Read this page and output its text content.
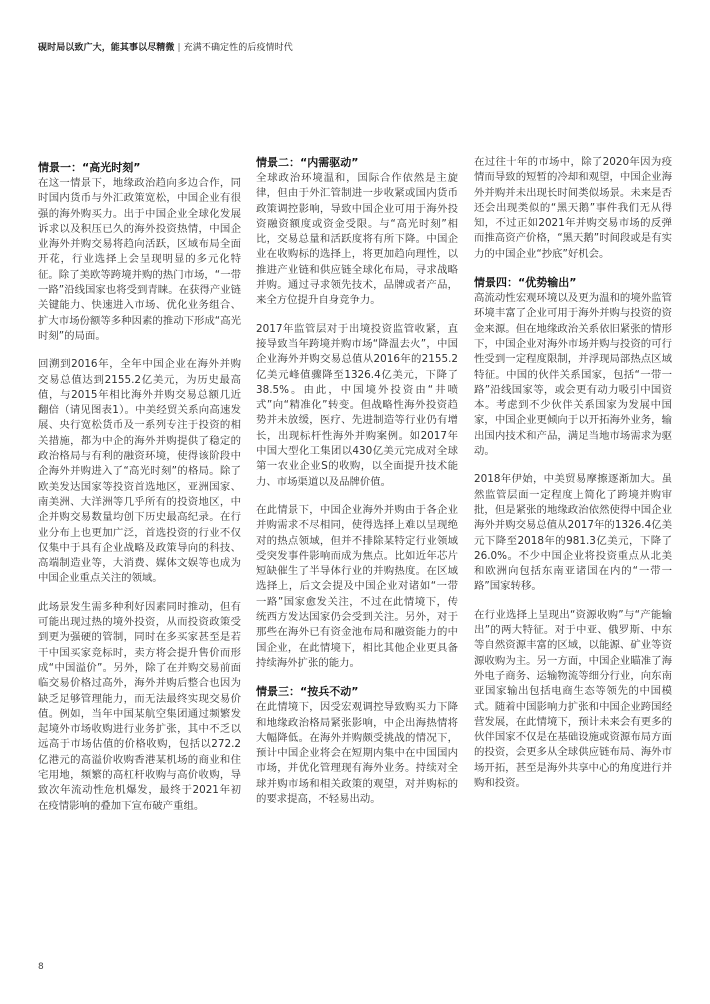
砚时局以致广大，能其事以尽精微 | 充满不确定性的后疫情时代
情景一：“高光时刻”

在这一情景下，地缘政治趋向多边合作，同时国内货币与外汇政策宽松，中国企业有很强的海外购买力。出于中国企业全球化发展诉求以及积压已久的海外投资热情，中国企业海外并购交易将趋向活跃，区域布局全面开花，行业选择上会呈现明显的多元化特征。除了美欧等跨境并购的热门市场，“一带一路”沿线国家也将受到青睐。在获得产业链关键能力、快速进入市场、优化业务组合、扩大市场份额等多种因素的推动下形成“高光时刻”的局面。

回溯到2016年，全年中国企业在海外并购交易总值达到2155.2亿美元，为历史最高值，与2015年相比海外并购交易总额几近翻倍（请见图表1）。中美经贸关系向高速发展、央行宽松货币及一系列专注于投资的相关措施，都为中企的海外并购提供了稳定的政治格局与有利的融资环境，使得该阶段中企海外并购进入了“高光时刻”的格局。除了欧美发达国家等投资首选地区，亚洲国家、南美洲、大洋洲等几乎所有的投资地区，中企并购交易数量均创下历史最高纪录。在行业分布上也更加广泛，首选投资的行业不仅仅集中于具有企业战略及政策导向的科技、高端制造业等，大消费、媒体文娱等也成为中国企业重点关注的领域。

此场景发生需多种利好因素同时推动，但有可能出现过热的境外投资，从而投资政策受到更为强硬的管制，同时在多买家甚至是若干中国买家竞标时，卖方将会提升售价而形成“中国溢价”。另外，除了在并购交易前面临交易价格过高外，海外并购后整合也因为缺乏足够管理能力，而无法最终实现交易价值。例如，当年中国某航空集团通过频繁发起境外市场收购进行业务扩张，其中不乏以远高于市场估值的价格收购，包括以272.2亿港元的高溢价收购香港某机场的商业和住宅用地，频繁的高杠杆收购与高价收购，导致次年流动性危机爆发，最终于2021年初在疫情影响的叠加下宣布破产重组。

情景二：“内需驱动”

全球政治环境温和，国际合作依然是主旋律，但由于外汇管制进一步收紧或国内货币政策调控影响，导致中国企业可用于海外投资融资额度或资金受限。与“高光时刻”相比，交易总量和活跃度将有所下降。中国企业在收购标的选择上，将更加趋向理性，以推进产业链和供应链全球化布局，寻求战略并购。通过寻求领先技术，品牌或者产品，来全方位提升自身竞争力。

2017年监管层对于出境投资监管收紧，直接导致当年跨境并购市场“降温去火”，中国企业海外并购交易总值从2016年的2155.2亿美元峰值骤降至1326.4亿美元，下降了38.5%。由此，中国境外投资由“井喷式”向“精准化”转变。但战略性海外投资趋势并未放缓，医疗、先进制造等行业仍有增长，出现标杆性海外并购案例。如2017年中国大型化工集团以430亿美元完成对全球第一农业企业S的收购，以全面提升技术能力、市场渠道以及品牌价值。

在此情景下，中国企业海外并购由于各企业并购需求不尽相同，使得选择上难以呈现绝对的热点领域，但并不排除某特定行业领域受突发事件影响而成为焦点。比如近年芯片短缺催生了半导体行业的并购热度。在区域选择上，后文会提及中国企业对诸如“一带一路”国家愈发关注，不过在此情境下，传统西方发达国家仍会受到关注。另外，对于那些在海外已有资金池布局和融资能力的中国企业，在此情境下，相比其他企业更具备持续海外扩张的能力。

情景三：“按兵不动”

在此情境下，因受宏观调控导致购买力下降和地缘政治格局紧张影响，中企出海热情将大幅降低。在海外并购颇受挑战的情况下，预计中国企业将会在短期内集中在中国国内市场，并优化管理现有海外业务。持续对全球并购市场和相关政策的观望，对并购标的的要求提高，不轻易出动。

在过往十年的市场中，除了2020年因为疫情而导致的短暂的冷却和观望，中国企业海外并购并未出现长时间类似场景。未来是否还会出现类似的“黑天鹅”事件我们无从得知，不过正如2021年并购交易市场的反弹而推高资产价格，“黑天鹅”时间段或是有实力的中国企业“抄底”好机会。

情景四：“优势输出”

高流动性宏观环境以及更为温和的境外监管环境丰富了企业可用于海外并购与投资的资金来源。但在地缘政治关系依旧紧张的情形下，中国企业对海外市场并购与投资的可行性受到一定程度限制，并浮现局部热点区域特征。中国的伙伴关系国家，包括“一带一路”沿线国家等，或会更有动力吸引中国资本。考虑到不少伙伴关系国家为发展中国家，中国企业更倾向于以开拓海外业务，输出国内技术和产品，满足当地市场需求为驱动。

2018年伊始，中美贸易摩擦逐渐加大。虽然监管层面一定程度上简化了跨境并购审批，但是紧张的地缘政治依然使得中国企业海外并购交易总值从2017年的1326.4亿美元下降至2018年的981.3亿美元，下降了26.0%。不少中国企业将投资重点从北美和欧洲向包括东南亚诸国在内的“一带一路”国家转移。

在行业选择上呈现出“资源收购”与“产能输出”的两大特征。对于中亚、俄罗斯、中东等自然资源丰富的区域，以能源、矿业等资源收购为主。另一方面，中国企业瞄准了海外电子商务、运输物流等细分行业，向东南亚国家输出包括电商生态等领先的中国模式。随着中国影响力扩张和中国企业跨国经营发展，在此情境下，预计未来会有更多的伙伴国家不仅是在基础设施或资源布局方面的投资，会更多从全球供应链布局、海外市场开拓，甚至是海外共享中心的角度进行并购和投资。

8
